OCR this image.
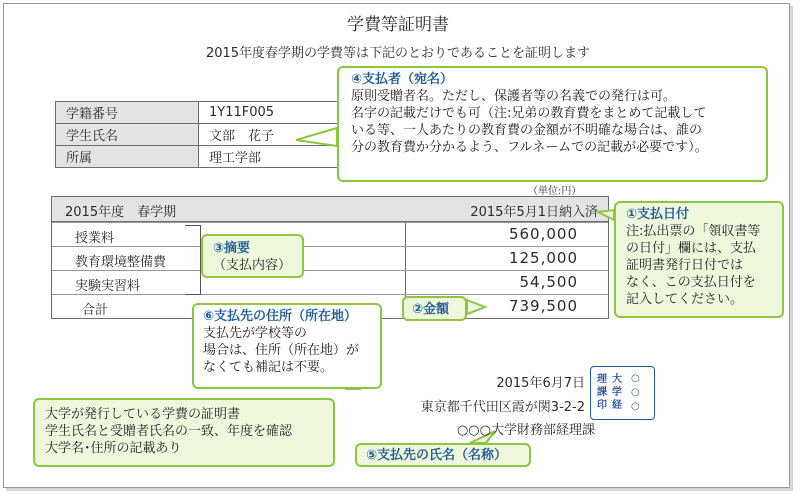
学費等証明書
2015年度春学期の学費等は下記のとおりであることを証明します
学籍番号	1Y11F005
学生氏名	文部　花子
所属	理工学部
（単位:円）
2015年度　春学期	2015年5月1日納入済
授業料	560,000
教育環境整備費	125,000
実験実習料	54,500
合計	739,500
④支払者（宛名）
原則受贈者名。ただし、保護者等の名義での発行は可。
名字の記載だけでも可（注:兄弟の教育費をまとめて記載して
いる等、一人あたりの教育費の金額が不明確な場合は、誰の
分の教育費か分かるよう、フルネームでの記載が必要です）。
①支払日付
注:払出票の「領収書等
の日付」欄には、支払
証明書発行日付では
なく、この支払日付を
記入してください。
③摘要
（支払内容）
②金額
⑥支払先の住所（所在地）
支払先が学校等の
場合は、住所（所在地）が
なくても補記は不要。
大学が発行している学費の証明書
学生氏名と受贈者氏名の一致、年度を確認
大学名･住所の記載あり	⑤支払先の氏名（名称）
2015年6月7日
東京都千代田区霞が関3-2-2
○○○大学財務部経理課
理
課
印
大
学
経
○
○
○
